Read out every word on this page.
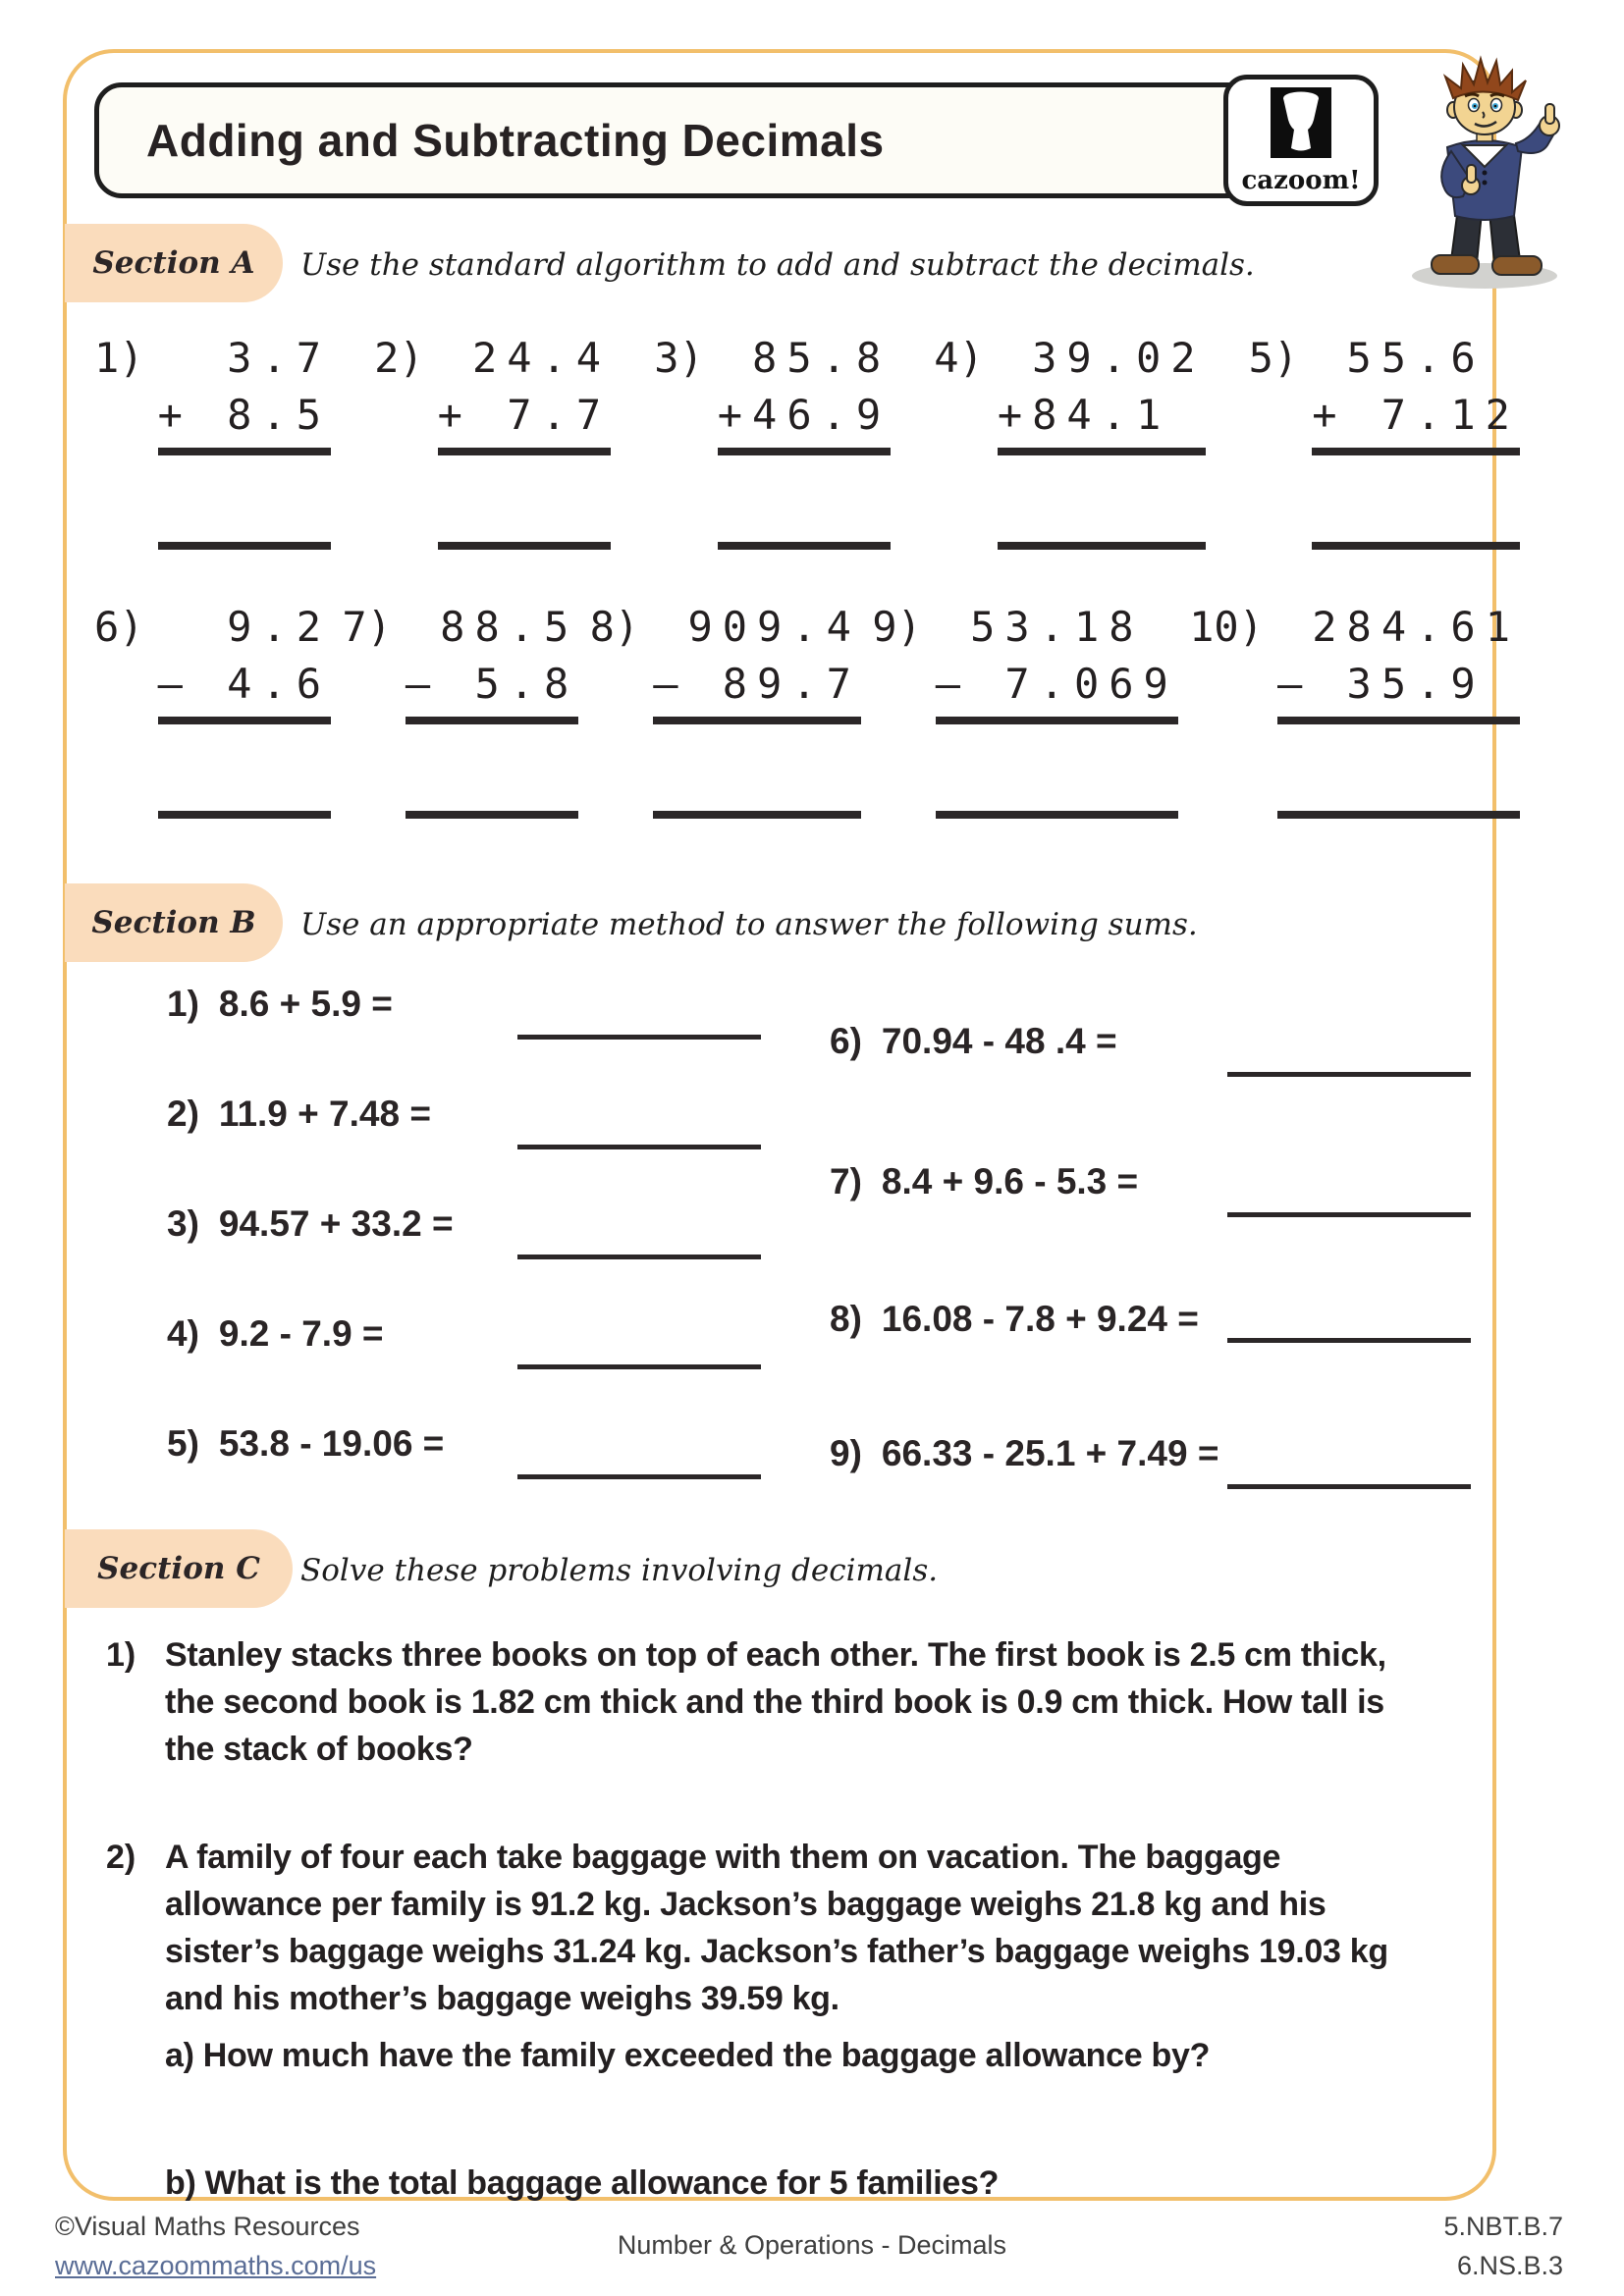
Adding and Subtracting Decimals
cazoom!
Section A Use the standard algorithm to add and subtract the decimals.
1)	3.7
+ 8.5
2)	24.4
+ 7.7
3)	85.8
+46.9
4)	39.02
+84.1
5)	55.6
+ 7.12
6)	9.2
– 4.6
7)	88.5
– 5.8
8)	909.4
– 89.7
9)	53.18
– 7.069
10)	284.61
– 35.9
Section B Use an appropriate method to answer the following sums.
1) 8.6 + 5.9 =
2) 11.9 + 7.48 =
3) 94.57 + 33.2 =
4) 9.2 - 7.9 =
5) 53.8 - 19.06 =
6) 70.94 - 48 .4 =
7) 8.4 + 9.6 - 5.3 =
8) 16.08 - 7.8 + 9.24 =
9) 66.33 - 25.1 + 7.49 =
Section C Solve these problems involving decimals.
1) Stanley stacks three books on top of each other. The first book is 2.5 cm thick,
the second book is 1.82 cm thick and the third book is 0.9 cm thick. How tall is
the stack of books?
2) A family of four each take baggage with them on vacation. The baggage
allowance per family is 91.2 kg. Jackson’s baggage weighs 21.8 kg and his
sister’s baggage weighs 31.24 kg. Jackson’s father’s baggage weighs 19.03 kg
and his mother’s baggage weighs 39.59 kg.
a) How much have the family exceeded the baggage allowance by?
b) What is the total baggage allowance for 5 families?
©Visual Maths Resources
www.cazoommaths.com/us
Number & Operations - Decimals
5.NBT.B.7
6.NS.B.3
